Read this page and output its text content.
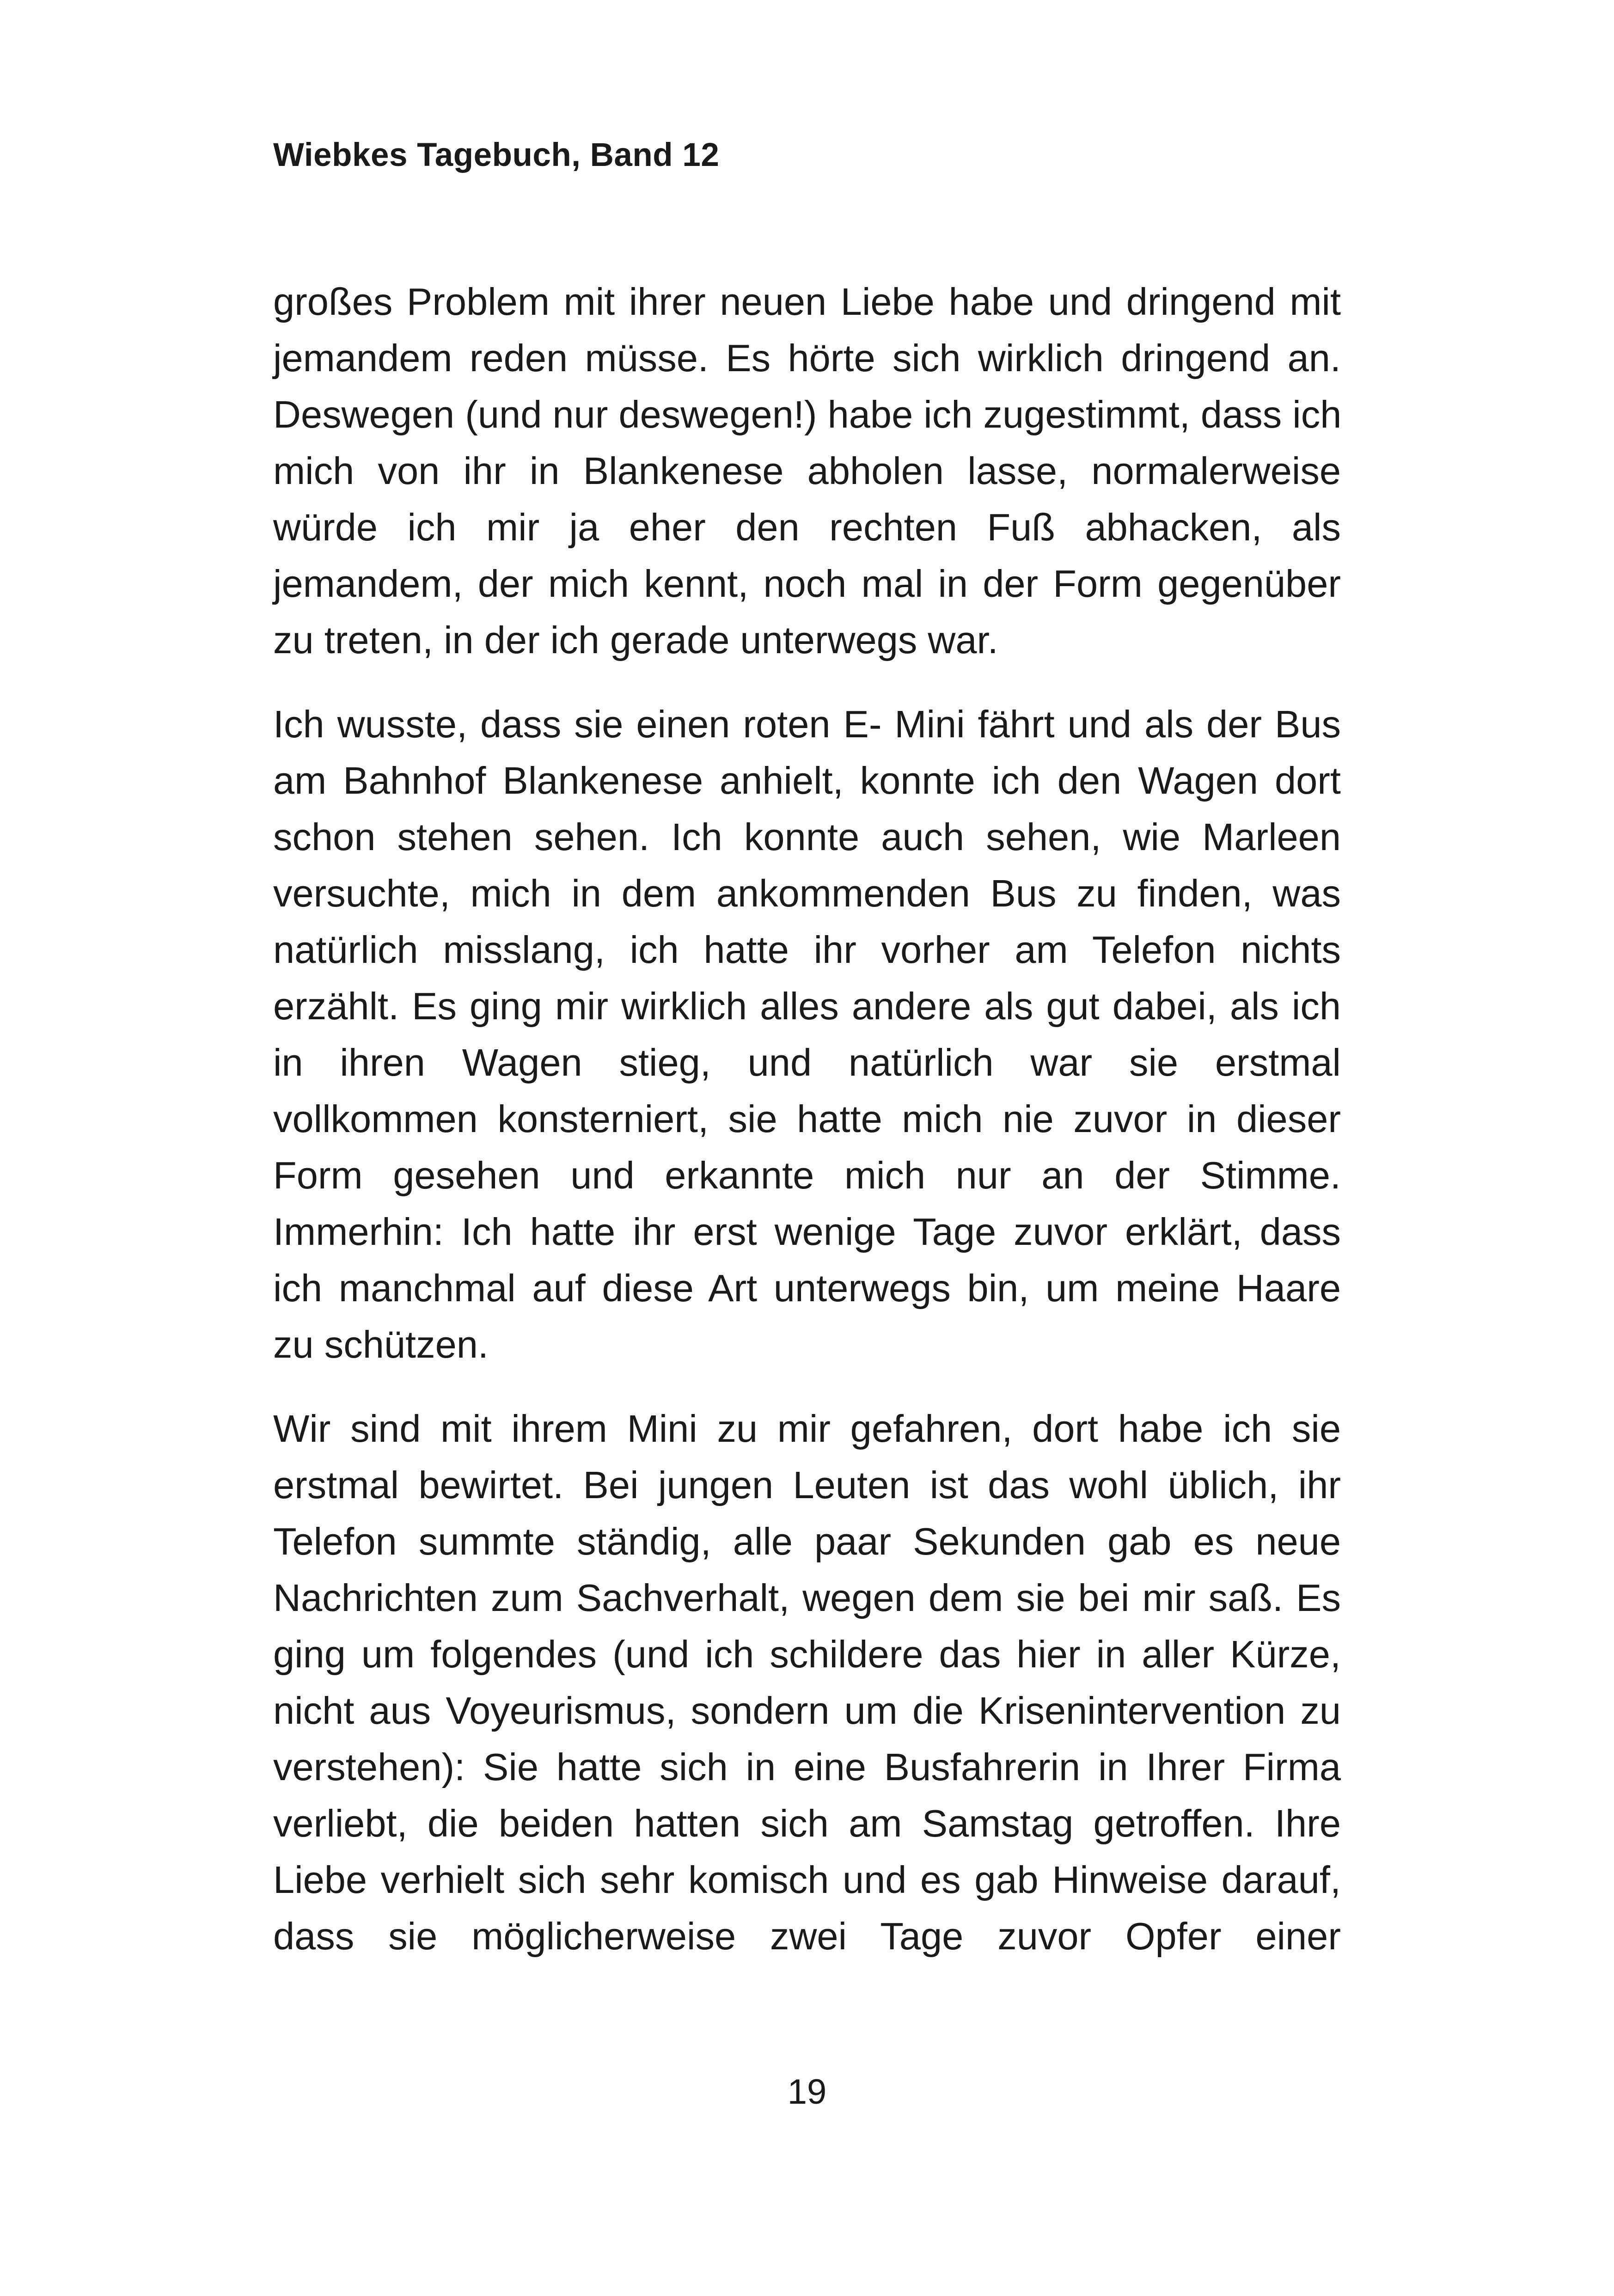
Wiebkes Tagebuch, Band 12
großes Problem mit ihrer neuen Liebe habe und dringend mit
jemandem reden müsse. Es hörte sich wirklich dringend an.
Deswegen (und nur deswegen!) habe ich zugestimmt, dass ich
mich von ihr in Blankenese abholen lasse, normalerweise
würde ich mir ja eher den rechten Fuß abhacken, als
jemandem, der mich kennt, noch mal in der Form gegenüber
zu treten, in der ich gerade unterwegs war.
Ich wusste, dass sie einen roten E- Mini fährt und als der Bus
am Bahnhof Blankenese anhielt, konnte ich den Wagen dort
schon stehen sehen. Ich konnte auch sehen, wie Marleen
versuchte, mich in dem ankommenden Bus zu finden, was
natürlich misslang, ich hatte ihr vorher am Telefon nichts
erzählt. Es ging mir wirklich alles andere als gut dabei, als ich
in ihren Wagen stieg, und natürlich war sie erstmal
vollkommen konsterniert, sie hatte mich nie zuvor in dieser
Form gesehen und erkannte mich nur an der Stimme.
Immerhin: Ich hatte ihr erst wenige Tage zuvor erklärt, dass
ich manchmal auf diese Art unterwegs bin, um meine Haare
zu schützen.
Wir sind mit ihrem Mini zu mir gefahren, dort habe ich sie
erstmal bewirtet. Bei jungen Leuten ist das wohl üblich, ihr
Telefon summte ständig, alle paar Sekunden gab es neue
Nachrichten zum Sachverhalt, wegen dem sie bei mir saß. Es
ging um folgendes (und ich schildere das hier in aller Kürze,
nicht aus Voyeurismus, sondern um die Krisenintervention zu
verstehen): Sie hatte sich in eine Busfahrerin in Ihrer Firma
verliebt, die beiden hatten sich am Samstag getroffen. Ihre
Liebe verhielt sich sehr komisch und es gab Hinweise darauf,
dass sie möglicherweise zwei Tage zuvor Opfer einer
19
